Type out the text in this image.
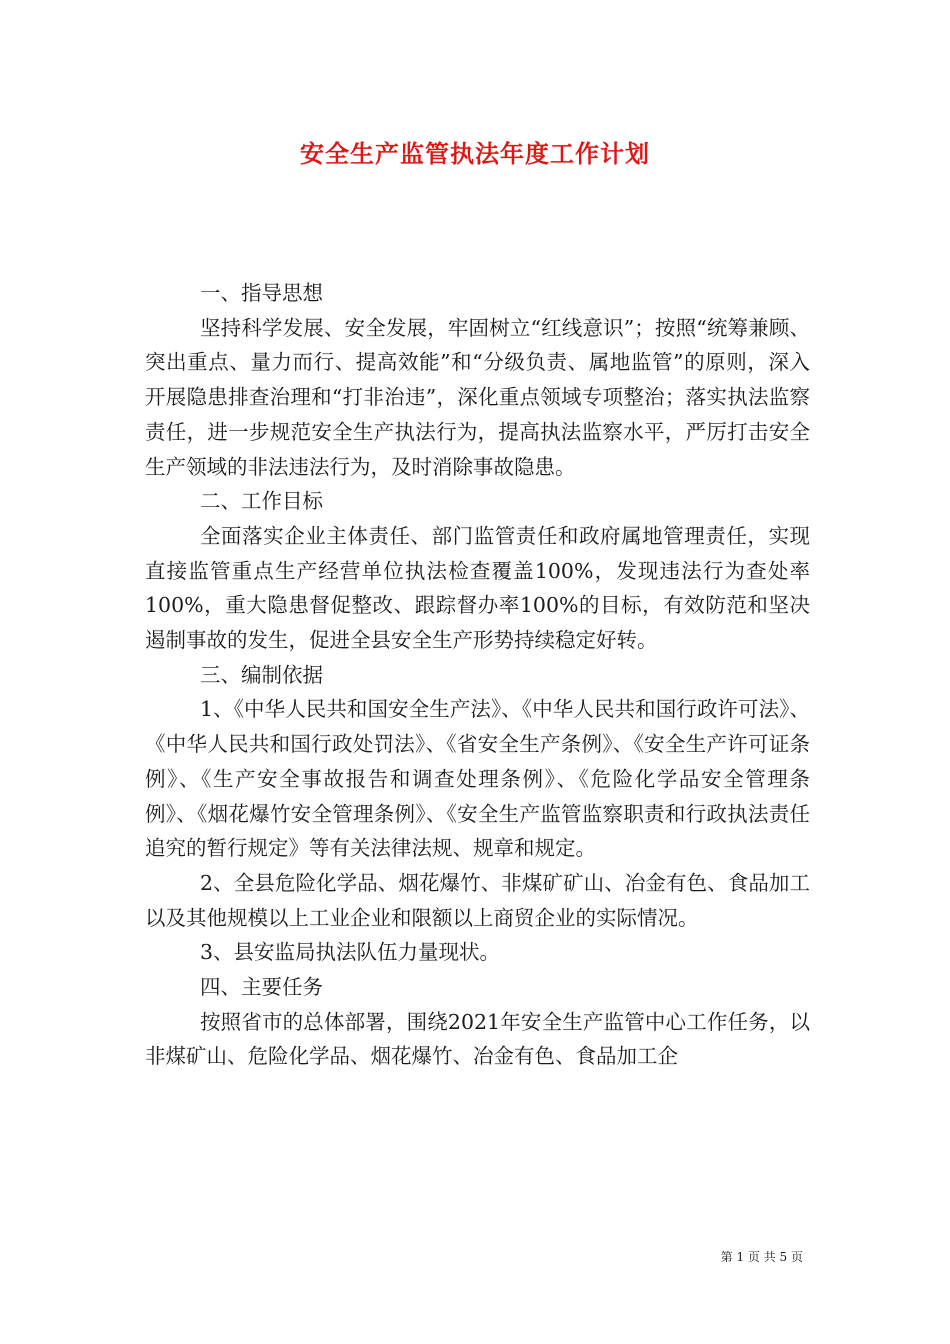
安全生产监管执法年度工作计划

一、指导思想

坚持科学发展、安全发展，牢固树立“红线意识”；按照“统筹兼顾、突出重点、量力而行、提高效能”和“分级负责、属地监管”的原则，深入开展隐患排查治理和“打非治违”，深化重点领域专项整治；落实执法监察责任，进一步规范安全生产执法行为，提高执法监察水平，严厉打击安全生产领域的非法违法行为，及时消除事故隐患。

二、工作目标

全面落实企业主体责任、部门监管责任和政府属地管理责任，实现直接监管重点生产经营单位执法检查覆盖100%，发现违法行为查处率100%，重大隐患督促整改、跟踪督办率100%的目标，有效防范和坚决遏制事故的发生，促进全县安全生产形势持续稳定好转。

三、编制依据

1、《中华人民共和国安全生产法》、《中华人民共和国行政许可法》、《中华人民共和国行政处罚法》、《省安全生产条例》、《安全生产许可证条例》、《生产安全事故报告和调查处理条例》、《危险化学品安全管理条例》、《烟花爆竹安全管理条例》、《安全生产监管监察职责和行政执法责任追究的暂行规定》等有关法律法规、规章和规定。

2、全县危险化学品、烟花爆竹、非煤矿矿山、冶金有色、食品加工以及其他规模以上工业企业和限额以上商贸企业的实际情况。

3、县安监局执法队伍力量现状。

四、主要任务

按照省市的总体部署，围绕2021年安全生产监管中心工作任务，以非煤矿山、危险化学品、烟花爆竹、冶金有色、食品加工企

第 1 页 共 5 页
